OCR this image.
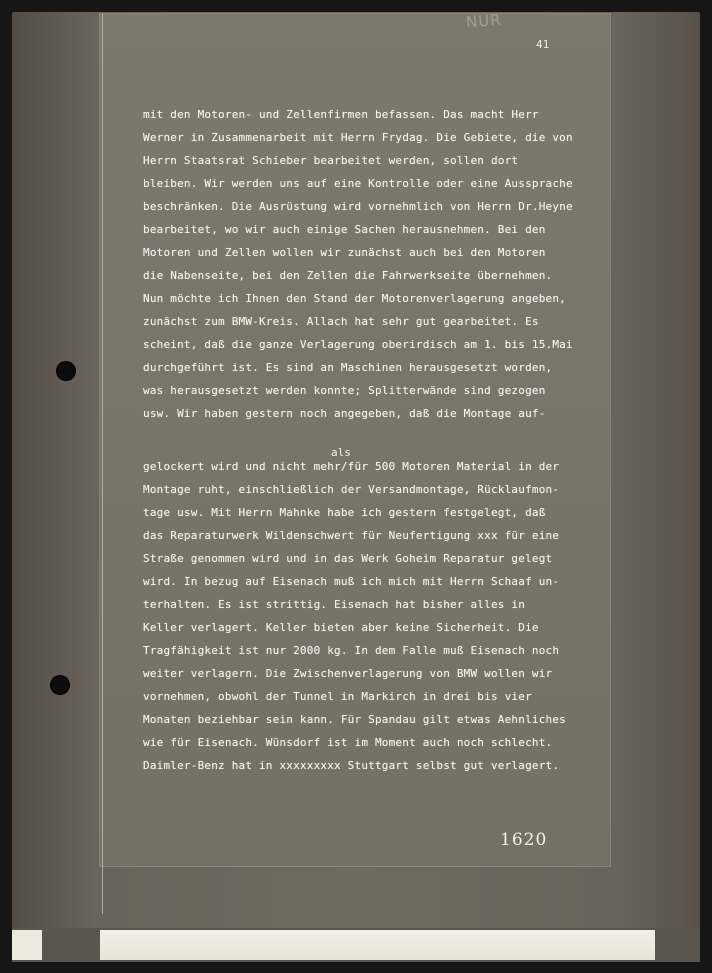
NUR
41
mit den Motoren- und Zellenfirmen befassen. Das macht Herr
Werner in Zusammenarbeit mit Herrn Frydag. Die Gebiete, die von
Herrn Staatsrat Schieber bearbeitet werden, sollen dort
bleiben. Wir werden uns auf eine Kontrolle oder eine Aussprache
beschränken. Die Ausrüstung wird vornehmlich von Herrn Dr.Heyne
bearbeitet, wo wir auch einige Sachen herausnehmen. Bei den
Motoren und Zellen wollen wir zunächst auch bei den Motoren
die Nabenseite, bei den Zellen die Fahrwerkseite übernehmen.
Nun möchte ich Ihnen den Stand der Motorenverlagerung angeben,
zunächst zum BMW-Kreis. Allach hat sehr gut gearbeitet. Es
scheint, daß die ganze Verlagerung oberirdisch am 1. bis 15.Mai
durchgeführt ist. Es sind an Maschinen herausgesetzt worden,
was herausgesetzt werden konnte; Splitterwände sind gezogen
usw. Wir haben gestern noch angegeben, daß die Montage auf-
als
gelockert wird und nicht mehr/für 500 Motoren Material in der
Montage ruht, einschließlich der Versandmontage, Rücklaufmon-
tage usw. Mit Herrn Mahnke habe ich gestern festgelegt, daß
das Reparaturwerk Wildenschwert für Neufertigung xxx für eine
Straße genommen wird und in das Werk Goheim Reparatur gelegt
wird. In bezug auf Eisenach muß ich mich mit Herrn Schaaf un-
terhalten. Es ist strittig. Eisenach hat bisher alles in
Keller verlagert. Keller bieten aber keine Sicherheit. Die
Tragfähigkeit ist nur 2000 kg. In dem Falle muß Eisenach noch
weiter verlagern. Die Zwischenverlagerung von BMW wollen wir
vornehmen, obwohl der Tunnel in Markirch in drei bis vier
Monaten beziehbar sein kann. Für Spandau gilt etwas Aehnliches
wie für Eisenach. Wünsdorf ist im Moment auch noch schlecht.
Daimler-Benz hat in xxxxxxxxx Stuttgart selbst gut verlagert.
1620
